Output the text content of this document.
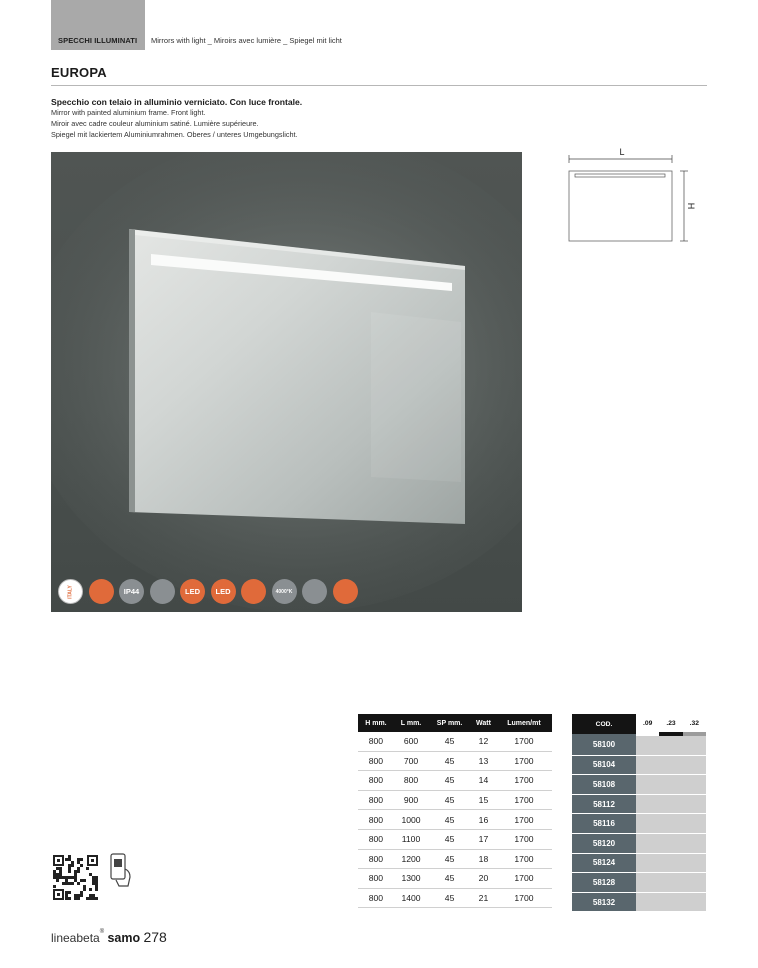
SPECCHI ILLUMINATI Mirrors with light _ Miroirs avec lumière _ Spiegel mit licht
EUROPA
Specchio con telaio in alluminio verniciato. Con luce frontale.
Mirror with painted aluminium frame. Front light.
Miroir avec cadre couleur aluminium satiné. Lumière supérieure.
Spiegel mit lackiertem Aluminiumrahmen. Oberes / unteres Umgebungslicht.
ITALY	IP44	LED	LED	4000°K
L
H
H mm.	L mm.	SP mm.	Watt	Lumen/mt
800	600	45	12	1700
800	700	45	13	1700
800	800	45	14	1700
800	900	45	15	1700
800	1000	45	16	1700
800	1100	45	17	1700
800	1200	45	18	1700
800	1300	45	20	1700
800	1400	45	21	1700
COD.	.09	.23	.32
58100			
58104			
58108			
58112			
58116			
58120			
58124			
58128			
58132			
lineabeta® samo 278
